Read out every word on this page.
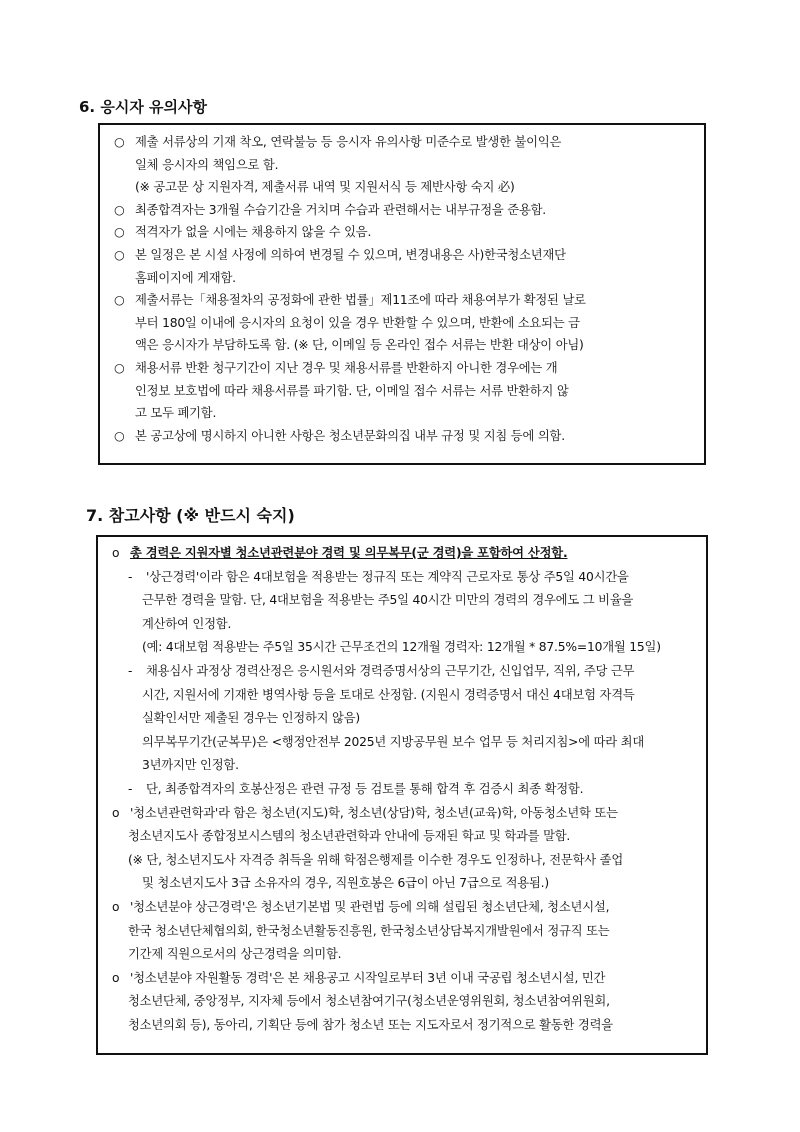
6. 응시자 유의사항
○ 제출 서류상의 기재 착오, 연락불능 등 응시자 유의사항 미준수로 발생한 불이익은
일체 응시자의 책임으로 함.
(※ 공고문 상 지원자격, 제출서류 내역 및 지원서식 등 제반사항 숙지 必)
○ 최종합격자는 3개월 수습기간을 거치며 수습과 관련해서는 내부규정을 준용함.
○ 적격자가 없을 시에는 채용하지 않을 수 있음.
○ 본 일정은 본 시설 사정에 의하여 변경될 수 있으며, 변경내용은 사)한국청소년재단
홈페이지에 게재함.
○ 제출서류는「채용절차의 공정화에 관한 법률」제11조에 따라 채용여부가 확정된 날로
부터 180일 이내에 응시자의 요청이 있을 경우 반환할 수 있으며, 반환에 소요되는 금
액은 응시자가 부담하도록 함. (※ 단, 이메일 등 온라인 접수 서류는 반환 대상이 아님)
○ 채용서류 반환 청구기간이 지난 경우 및 채용서류를 반환하지 아니한 경우에는 개
인정보 보호법에 따라 채용서류를 파기함. 단, 이메일 접수 서류는 서류 반환하지 않
고 모두 폐기함.
○ 본 공고상에 명시하지 아니한 사항은 청소년문화의집 내부 규정 및 지침 등에 의함.
7. 참고사항 (※ 반드시 숙지)
o 총 경력은 지원자별 청소년관련분야 경력 및 의무복무(군 경력)을 포함하여 산정함.
- '상근경력'이라 함은 4대보험을 적용받는 정규직 또는 계약직 근로자로 통상 주5일 40시간을
근무한 경력을 말함. 단, 4대보험을 적용받는 주5일 40시간 미만의 경력의 경우에도 그 비율을
계산하여 인정함.
(예: 4대보험 적용받는 주5일 35시간 근무조건의 12개월 경력자: 12개월 * 87.5%=10개월 15일)
- 채용심사 과정상 경력산정은 응시원서와 경력증명서상의 근무기간, 신입업무, 직위, 주당 근무
시간, 지원서에 기재한 병역사항 등을 토대로 산정함. (지원시 경력증명서 대신 4대보험 자격득
실확인서만 제출된 경우는 인정하지 않음)
의무복무기간(군복무)은 <행정안전부 2025년 지방공무원 보수 업무 등 처리지침>에 따라 최대
3년까지만 인정함.
- 단, 최종합격자의 호봉산정은 관련 규정 등 검토를 통해 합격 후 검증시 최종 확정함.
o '청소년관련학과'라 함은 청소년(지도)학, 청소년(상담)학, 청소년(교육)학, 아동청소년학 또는
청소년지도사 종합정보시스템의 청소년관련학과 안내에 등재된 학교 및 학과를 말함.
(※ 단, 청소년지도사 자격증 취득을 위해 학점은행제를 이수한 경우도 인정하나, 전문학사 졸업
및 청소년지도사 3급 소유자의 경우, 직원호봉은 6급이 아닌 7급으로 적용됨.)
o '청소년분야 상근경력'은 청소년기본법 및 관련법 등에 의해 설립된 청소년단체, 청소년시설,
한국 청소년단체협의회, 한국청소년활동진흥원, 한국청소년상담복지개발원에서 정규직 또는
기간제 직원으로서의 상근경력을 의미함.
o '청소년분야 자원활동 경력'은 본 채용공고 시작일로부터 3년 이내 국공립 청소년시설, 민간
청소년단체, 중앙정부, 지자체 등에서 청소년참여기구(청소년운영위원회, 청소년참여위원회,
청소년의회 등), 동아리, 기획단 등에 참가 청소년 또는 지도자로서 정기적으로 활동한 경력을
